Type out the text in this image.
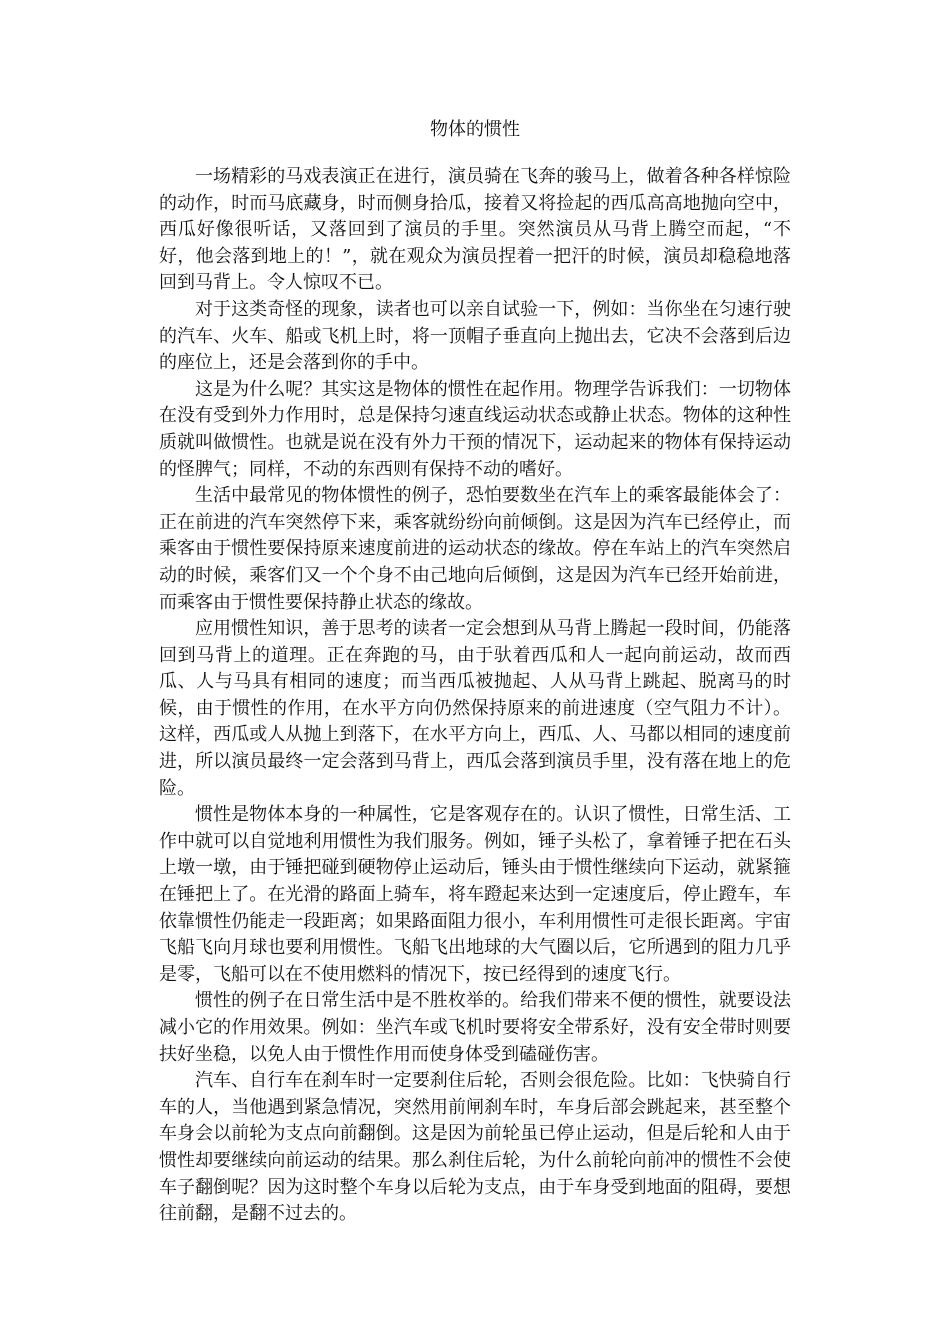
物体的惯性

一场精彩的马戏表演正在进行，演员骑在飞奔的骏马上，做着各种各样惊险的动作，时而马底藏身，时而侧身拾瓜，接着又将捡起的西瓜高高地抛向空中，西瓜好像很听话，又落回到了演员的手里。突然演员从马背上腾空而起，“不好，他会落到地上的！”，就在观众为演员捏着一把汗的时候，演员却稳稳地落回到马背上。令人惊叹不已。

对于这类奇怪的现象，读者也可以亲自试验一下，例如：当你坐在匀速行驶的汽车、火车、船或飞机上时，将一顶帽子垂直向上抛出去，它决不会落到后边的座位上，还是会落到你的手中。

这是为什么呢？其实这是物体的惯性在起作用。物理学告诉我们：一切物体在没有受到外力作用时，总是保持匀速直线运动状态或静止状态。物体的这种性质就叫做惯性。也就是说在没有外力干预的情况下，运动起来的物体有保持运动的怪脾气；同样，不动的东西则有保持不动的嗜好。

生活中最常见的物体惯性的例子，恐怕要数坐在汽车上的乘客最能体会了：正在前进的汽车突然停下来，乘客就纷纷向前倾倒。这是因为汽车已经停止，而乘客由于惯性要保持原来速度前进的运动状态的缘故。停在车站上的汽车突然启动的时候，乘客们又一个个身不由己地向后倾倒，这是因为汽车已经开始前进，而乘客由于惯性要保持静止状态的缘故。

应用惯性知识，善于思考的读者一定会想到从马背上腾起一段时间，仍能落回到马背上的道理。正在奔跑的马，由于驮着西瓜和人一起向前运动，故而西瓜、人与马具有相同的速度；而当西瓜被抛起、人从马背上跳起、脱离马的时候，由于惯性的作用，在水平方向仍然保持原来的前进速度（空气阻力不计）。这样，西瓜或人从抛上到落下，在水平方向上，西瓜、人、马都以相同的速度前进，所以演员最终一定会落到马背上，西瓜会落到演员手里，没有落在地上的危险。

惯性是物体本身的一种属性，它是客观存在的。认识了惯性，日常生活、工作中就可以自觉地利用惯性为我们服务。例如，锤子头松了，拿着锤子把在石头上墩一墩，由于锤把碰到硬物停止运动后，锤头由于惯性继续向下运动，就紧箍在锤把上了。在光滑的路面上骑车，将车蹬起来达到一定速度后，停止蹬车，车依靠惯性仍能走一段距离；如果路面阻力很小，车利用惯性可走很长距离。宇宙飞船飞向月球也要利用惯性。飞船飞出地球的大气圈以后，它所遇到的阻力几乎是零，飞船可以在不使用燃料的情况下，按已经得到的速度飞行。

惯性的例子在日常生活中是不胜枚举的。给我们带来不便的惯性，就要设法减小它的作用效果。例如：坐汽车或飞机时要将安全带系好，没有安全带时则要扶好坐稳，以免人由于惯性作用而使身体受到磕碰伤害。

汽车、自行车在刹车时一定要刹住后轮，否则会很危险。比如：飞快骑自行车的人，当他遇到紧急情况，突然用前闸刹车时，车身后部会跳起来，甚至整个车身会以前轮为支点向前翻倒。这是因为前轮虽已停止运动，但是后轮和人由于惯性却要继续向前运动的结果。那么刹住后轮，为什么前轮向前冲的惯性不会使车子翻倒呢？因为这时整个车身以后轮为支点，由于车身受到地面的阻碍，要想往前翻，是翻不过去的。
